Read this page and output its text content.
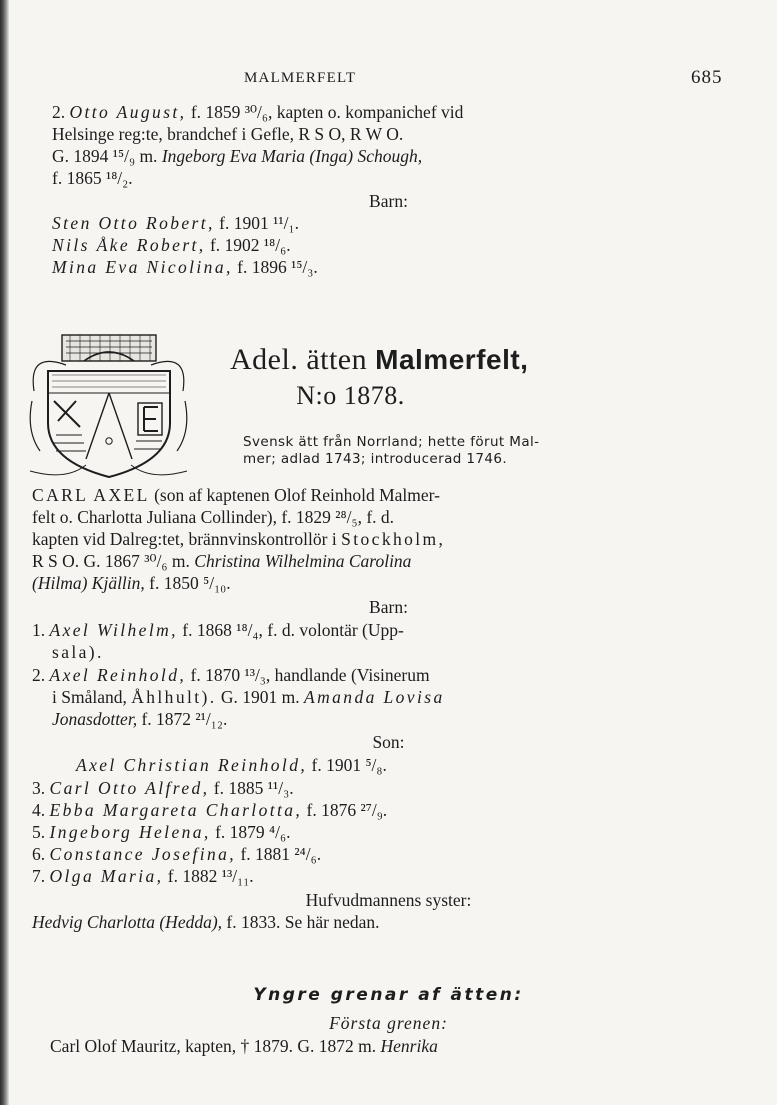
MALMERFELT	685
2. Otto August, f. 1859 ³⁰/₆, kapten o. kompanichef vid
Helsinge reg:te, brandchef i Gefle, R S O, R W O.
G. 1894 ¹⁵/₉ m. Ingeborg Eva Maria (Inga) Schough,
f. 1865 ¹⁸/₂.
Barn:
Sten Otto Robert, f. 1901 ¹¹/₁.
Nils Åke Robert, f. 1902 ¹⁸/₆.
Mina Eva Nicolina, f. 1896 ¹⁵/₃.
Adel. ätten Malmerfelt,
N:o 1878.
Svensk ätt från Norrland; hette förut Mal-
mer; adlad 1743; introducerad 1746.
CARL AXEL (son af kaptenen Olof Reinhold Malmer-
felt o. Charlotta Juliana Collinder), f. 1829 ²⁸/₅, f. d.
kapten vid Dalreg:tet, brännvinskontrollör i Stockholm,
R S O. G. 1867 ³⁰/₆ m. Christina Wilhelmina Carolina
(Hilma) Kjällin, f. 1850 ⁵/₁₀.
Barn:
1. Axel Wilhelm, f. 1868 ¹⁸/₄, f. d. volontär (Upp-
sala).
2. Axel Reinhold, f. 1870 ¹³/₃, handlande (Visinerum
i Småland, Åhlhult). G. 1901 m. Amanda Lovisa
Jonasdotter, f. 1872 ²¹/₁₂.
Son:
Axel Christian Reinhold, f. 1901 ⁵/₈.
3. Carl Otto Alfred, f. 1885 ¹¹/₃.
4. Ebba Margareta Charlotta, f. 1876 ²⁷/₉.
5. Ingeborg Helena, f. 1879 ⁴/₆.
6. Constance Josefina, f. 1881 ²⁴/₆.
7. Olga Maria, f. 1882 ¹³/₁₁.
Hufvudmannens syster:
Hedvig Charlotta (Hedda), f. 1833. Se här nedan.
Yngre grenar af ätten:
Första grenen:
Carl Olof Mauritz, kapten, † 1879. G. 1872 m. Henrika
